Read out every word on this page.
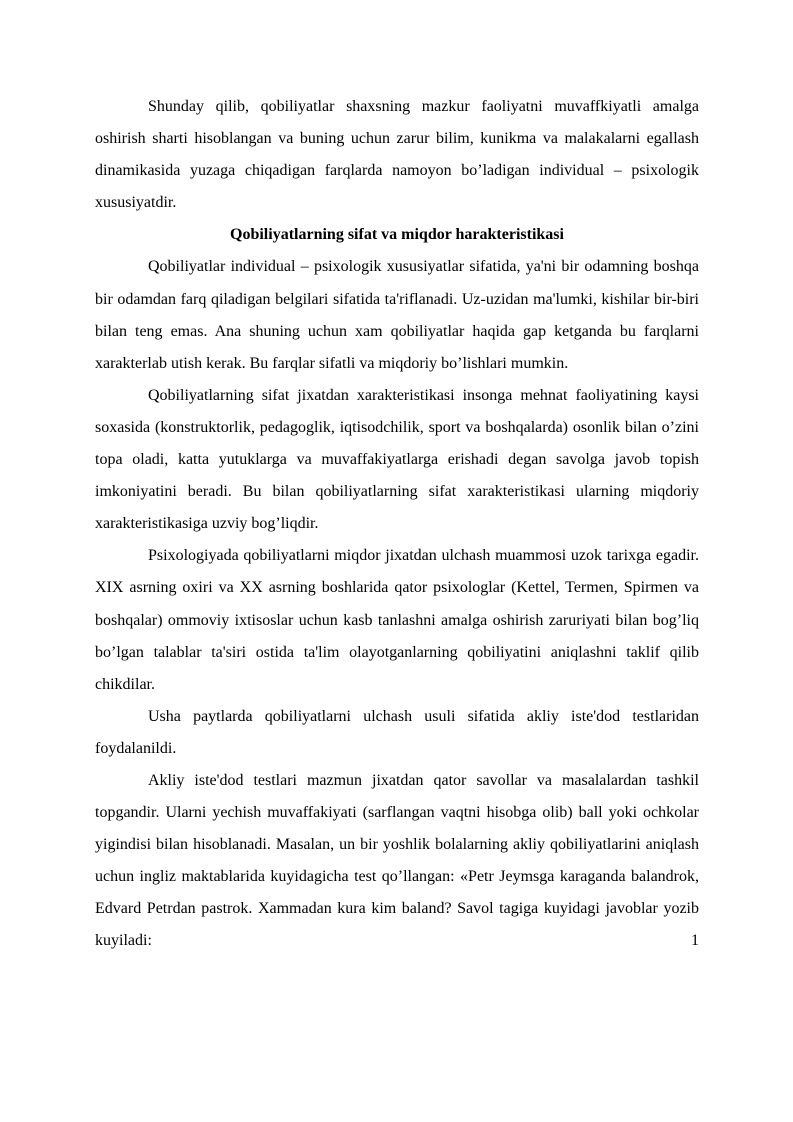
Shunday qilib, qobiliyatlar shaxsning mazkur faoliyatni muvaffkiyatli amalga oshirish sharti hisoblangan va buning uchun zarur bilim, kunikma va malakalarni egallash dinamikasida yuzaga chiqadigan farqlarda namoyon bo’ladigan individual – psixologik xususiyatdir.

Qobiliyatlarning sifat va miqdor harakteristikasi

Qobiliyatlar individual – psixologik xususiyatlar sifatida, ya'ni bir odamning boshqa bir odamdan farq qiladigan belgilari sifatida ta'riflanadi. Uz-uzidan ma'lumki, kishilar bir-biri bilan teng emas. Ana shuning uchun xam qobiliyatlar haqida gap ketganda bu farqlarni xarakterlab utish kerak. Bu farqlar sifatli va miqdoriy bo’lishlari mumkin.

Qobiliyatlarning sifat jixatdan xarakteristikasi insonga mehnat faoliyatining kaysi soxasida (konstruktorlik, pedagoglik, iqtisodchilik, sport va boshqalarda) osonlik bilan o’zini topa oladi, katta yutuklarga va muvaffakiyatlarga erishadi degan savolga javob topish imkoniyatini beradi. Bu bilan qobiliyatlarning sifat xarakteristikasi ularning miqdoriy xarakteristikasiga uzviy bog’liqdir.

Psixologiyada qobiliyatlarni miqdor jixatdan ulchash muammosi uzok tarixga egadir. XIX asrning oxiri va XX asrning boshlarida qator psixologlar (Kettel, Termen, Spirmen va boshqalar) ommoviy ixtisoslar uchun kasb tanlashni amalga oshirish zaruriyati bilan bog’liq bo’lgan talablar ta'siri ostida ta'lim olayotganlarning qobiliyatini aniqlashni taklif qilib chikdilar.

Usha paytlarda qobiliyatlarni ulchash usuli sifatida akliy iste'dod testlaridan foydalanildi.

Akliy iste'dod testlari mazmun jixatdan qator savollar va masalalardan tashkil topgandir. Ularni yechish muvaffakiyati (sarflangan vaqtni hisobga olib) ball yoki ochkolar yigindisi bilan hisoblanadi. Masalan, un bir yoshlik bolalarning akliy qobiliyatlarini aniqlash uchun ingliz maktablarida kuyidagicha test qo’llangan: «Petr Jeymsga karaganda balandrok, Edvard Petrdan pastrok. Xammadan kura kim baland? Savol tagiga kuyidagi javoblar yozib kuyiladi: 1
